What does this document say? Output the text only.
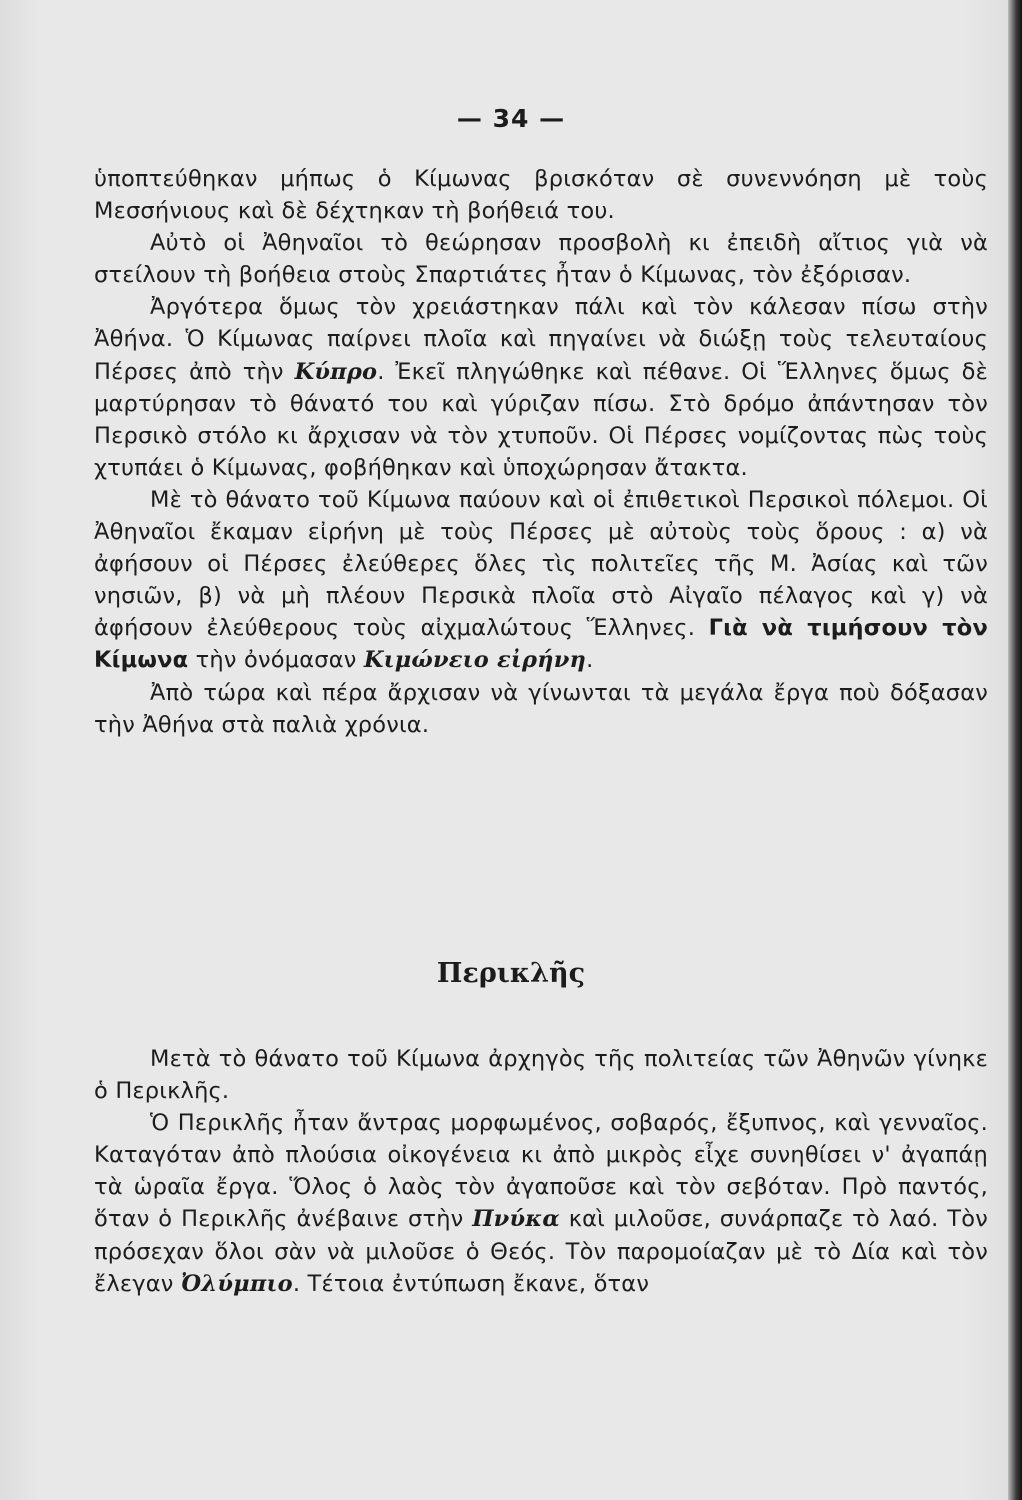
— 34 —

ὑποπτεύθηκαν μήπως ὁ Κίμωνας βρισκόταν σὲ συνεννόηση μὲ τοὺς Μεσσήνιους καὶ δὲ δέχτηκαν τὴ βοήθειά του.

Αὐτὸ οἱ Ἀθηναῖοι τὸ θεώρησαν προσβολὴ κι ἐπειδὴ αἴτιος γιὰ νὰ στείλουν τὴ βοήθεια στοὺς Σπαρτιάτες ἦταν ὁ Κίμωνας, τὸν ἐξόρισαν.

Ἀργότερα ὅμως τὸν χρειάστηκαν πάλι καὶ τὸν κάλεσαν πίσω στὴν Ἀθήνα. Ὁ Κίμωνας παίρνει πλοῖα καὶ πηγαίνει νὰ διώξῃ τοὺς τελευταίους Πέρσες ἀπὸ τὴν Κύπρο. Ἐκεῖ πληγώθηκε καὶ πέθανε. Οἱ Ἕλληνες ὅμως δὲ μαρτύρησαν τὸ θάνατό του καὶ γύριζαν πίσω. Στὸ δρόμο ἀπάντησαν τὸν Περσικὸ στόλο κι ἄρχισαν νὰ τὸν χτυποῦν. Οἱ Πέρσες νομίζοντας πὼς τοὺς χτυπάει ὁ Κίμωνας, φοβήθηκαν καὶ ὑποχώρησαν ἄτακτα.

Μὲ τὸ θάνατο τοῦ Κίμωνα παύουν καὶ οἱ ἐπιθετικοὶ Περσικοὶ πόλεμοι. Οἱ Ἀθηναῖοι ἔκαμαν εἰρήνη μὲ τοὺς Πέρσες μὲ αὐτοὺς τοὺς ὅρους : α) νὰ ἀφήσουν οἱ Πέρσες ἐλεύθερες ὅλες τὶς πολιτεῖες τῆς Μ. Ἀσίας καὶ τῶν νησιῶν, β) νὰ μὴ πλέουν Περσικὰ πλοῖα στὸ Αἰγαῖο πέλαγος καὶ γ) νὰ ἀφήσουν ἐλεύθερους τοὺς αἰχμαλώτους Ἕλληνες. Γιὰ νὰ τιμήσουν τὸν Κίμωνα τὴν ὀνόμασαν Κιμώνειο εἰρήνη.

Ἀπὸ τώρα καὶ πέρα ἄρχισαν νὰ γίνωνται τὰ μεγάλα ἔργα ποὺ δόξασαν τὴν Ἀθήνα στὰ παλιὰ χρόνια.

Περικλῆς

Μετὰ τὸ θάνατο τοῦ Κίμωνα ἀρχηγὸς τῆς πολιτείας τῶν Ἀθηνῶν γίνηκε ὁ Περικλῆς.

Ὁ Περικλῆς ἦταν ἄντρας μορφωμένος, σοβαρός, ἔξυπνος, καὶ γενναῖος. Καταγόταν ἀπὸ πλούσια οἰκογένεια κι ἀπὸ μικρὸς εἶχε συνηθίσει ν' ἀγαπάῃ τὰ ὡραῖα ἔργα. Ὅλος ὁ λαὸς τὸν ἀγαποῦσε καὶ τὸν σεβόταν. Πρὸ παντός, ὅταν ὁ Περικλῆς ἀνέβαινε στὴν Πνύκα καὶ μιλοῦσε, συνάρπαζε τὸ λαό. Τὸν πρόσεχαν ὅλοι σὰν νὰ μιλοῦσε ὁ Θεός. Τὸν παρομοίαζαν μὲ τὸ Δία καὶ τὸν ἔλεγαν Ὀλύμπιο. Τέτοια ἐντύπωση ἔκανε, ὅταν
